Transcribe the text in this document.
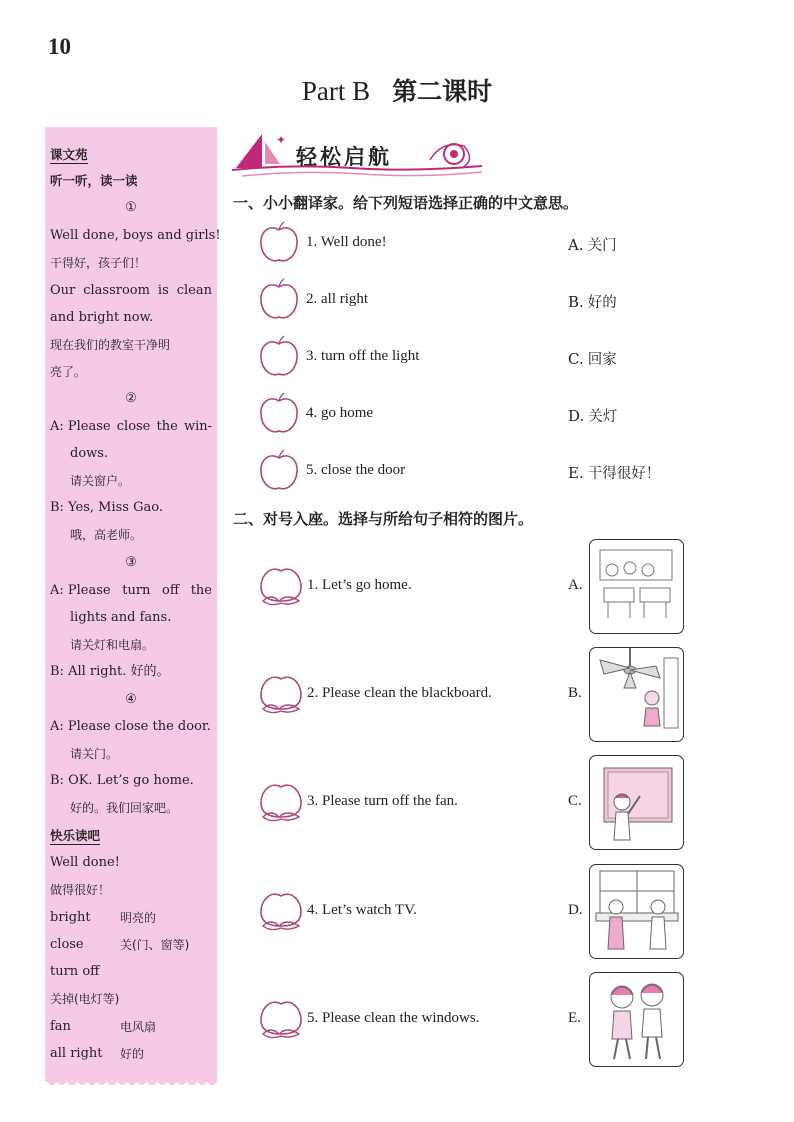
10
Part B 第二课时
课文苑
听一听，读一读
①
Well done, boys and girls!
干得好，孩子们！
Our classroom is clean
and bright now.
现在我们的教室干净明
亮了。
②
A: Please close the win-
dows.
请关窗户。
B: Yes, Miss Gao.
哦，高老师。
③
A: Please turn off the
lights and fans.
请关灯和电扇。
B: All right. 好的。
④
A: Please close the door.
请关门。
B: OK. Let’s go home.
好的。我们回家吧。
快乐读吧
Well done!
做得很好！
bright 明亮的
close	关(门、窗等)
turn off
关掉(电灯等)
fan	电风扇
all right 好的
✦
轻松启航
一、小小翻译家。给下列短语选择正确的中文意思。
1. Well done!	A. 关门
2. all right	B. 好的
3. turn off the light	C. 回家
4. go home	D. 关灯
5. close the door	E. 干得很好！
二、对号入座。选择与所给句子相符的图片。
1. Let’s go home.	A.
2. Please clean the blackboard.	B.
3. Please turn off the fan.	C.
4. Let’s watch TV.	D.
5. Please clean the windows.	E.
